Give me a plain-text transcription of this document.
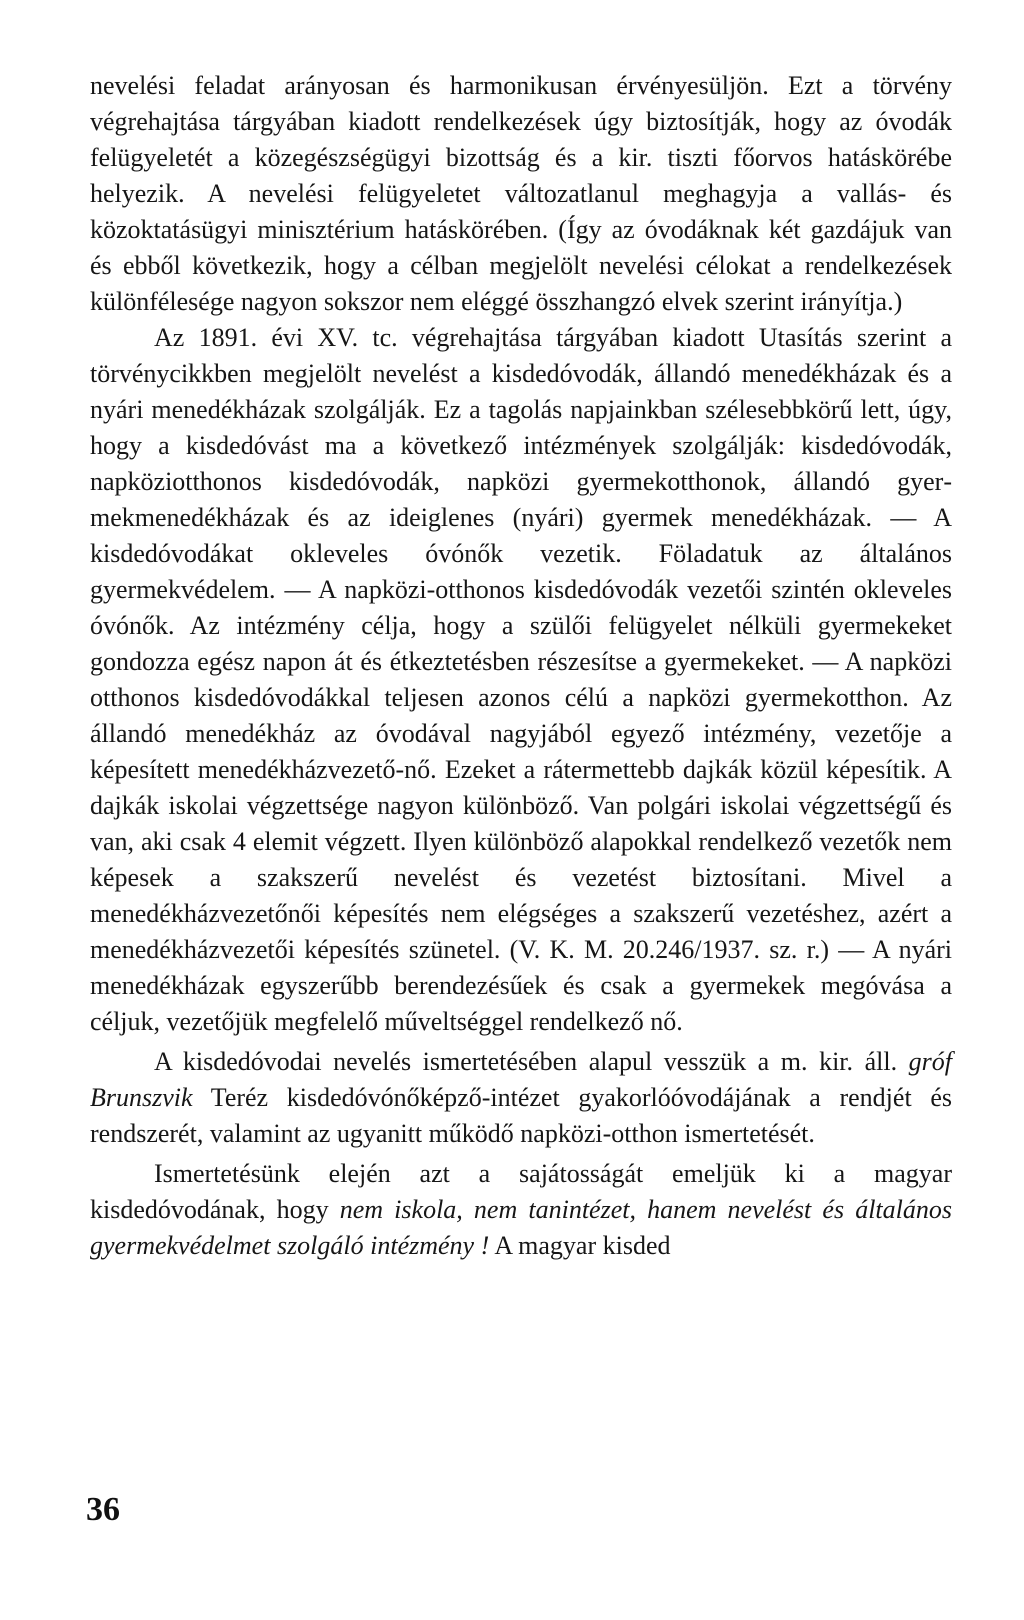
nevelési feladat arányosan és harmonikusan érvényesüljön. Ezt a törvény végrehajtása tárgyában kiadott rendelkezések úgy biztosítják, hogy az óvodák felügyeletét a közegészségügyi bizottság és a kir. tiszti főorvos hatáskörébe helyezik. A nevelési felügyeletet változatlanul meghagyja a vallás- és közoktatásügyi minisztérium hatáskörében. (Így az óvodáknak két gazdájuk van és ebből következik, hogy a célban megjelölt nevelési célokat a rendelkezések különfélesége nagyon sokszor nem eléggé összhangzó elvek szerint irányítja.)

Az 1891. évi XV. tc. végrehajtása tárgyában kiadott Utasítás szerint a törvénycikkben megjelölt nevelést a kisdedóvodák, állandó menedékházak és a nyári menedékházak szolgálják. Ez a tagolás napjainkban szélesebbkörű lett, úgy, hogy a kisdedóvást ma a következő intézmények szolgálják: kisdedóvodák, napköziotthonos kisdedóvodák, napközi gyermekotthonok, állandó gyermekmenedékházak és az ideiglenes (nyári) gyermek menedékházak. — A kisdedóvodákat okleveles óvónők vezetik. Föladatuk az általános gyermekvédelem. — A napközi-otthonos kisdedóvodák vezetői szintén okleveles óvónők. Az intézmény célja, hogy a szülői felügyelet nélküli gyermekeket gondozza egész napon át és étkeztetésben részesítse a gyermekeket. — A napközi otthonos kisdedóvodákkal teljesen azonos célú a napközi gyermekotthon. Az állandó menedékház az óvodával nagyjából egyező intézmény, vezetője a képesített menedékházvezető-nő. Ezeket a rátermettebb dajkák közül képesítik. A dajkák iskolai végzettsége nagyon különböző. Van polgári iskolai végzettségű és van, aki csak 4 elemit végzett. Ilyen különböző alapokkal rendelkező vezetők nem képesek a szakszerű nevelést és vezetést biztosítani. Mivel a menedékházvezetőnői képesítés nem elégséges a szakszerű vezetéshez, azért a menedékházvezetői képesítés szünetel. (V. K. M. 20.246/1937. sz. r.) — A nyári menedékházak egyszerűbb berendezésűek és csak a gyermekek megóvása a céljuk, vezetőjük megfelelő műveltséggel rendelkező nő.

A kisdedóvodai nevelés ismertetésében alapul vesszük a m. kir. áll. gróf Brunszvik Teréz kisdedóvónőképző-intézet gyakorlóóvodájának a rendjét és rendszerét, valamint az ugyanitt működő napközi-otthon ismertetését.

Ismertetésünk elején azt a sajátosságát emeljük ki a magyar kisdedóvodának, hogy nem iskola, nem tanintézet, hanem nevelést és általános gyermekvédelmet szolgáló intézmény ! A magyar kisded

36
